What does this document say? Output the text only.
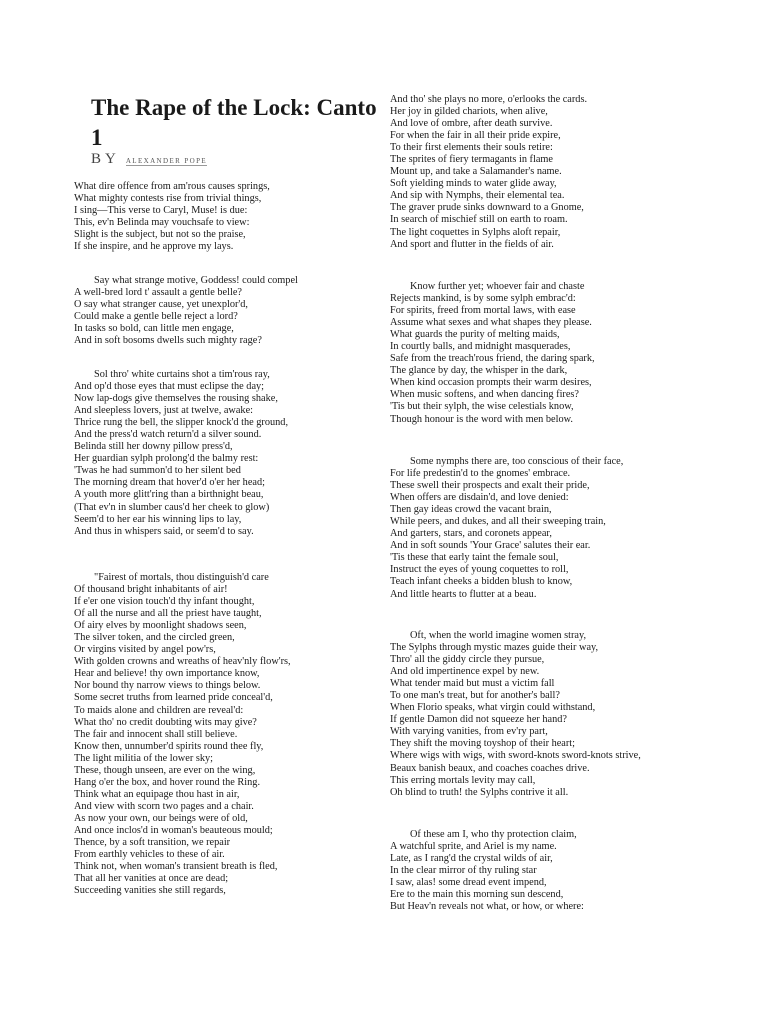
The Rape of the Lock: Canto 1
BY ALEXANDER POPE
What dire offence from am'rous causes springs,
What mighty contests rise from trivial things,
I sing—This verse to Caryl, Muse! is due:
This, ev'n Belinda may vouchsafe to view:
Slight is the subject, but not so the praise,
If she inspire, and he approve my lays.
Say what strange motive, Goddess! could compel
A well-bred lord t' assault a gentle belle?
O say what stranger cause, yet unexplor'd,
Could make a gentle belle reject a lord?
In tasks so bold, can little men engage,
And in soft bosoms dwells such mighty rage?
Sol thro' white curtains shot a tim'rous ray,
And op'd those eyes that must eclipse the day;
Now lap-dogs give themselves the rousing shake,
And sleepless lovers, just at twelve, awake:
Thrice rung the bell, the slipper knock'd the ground,
And the press'd watch return'd a silver sound.
Belinda still her downy pillow press'd,
Her guardian sylph prolong'd the balmy rest:
'Twas he had summon'd to her silent bed
The morning dream that hover'd o'er her head;
A youth more glitt'ring than a birthnight beau,
(That ev'n in slumber caus'd her cheek to glow)
Seem'd to her ear his winning lips to lay,
And thus in whispers said, or seem'd to say.
"Fairest of mortals, thou distinguish'd care
Of thousand bright inhabitants of air!
If e'er one vision touch'd thy infant thought,
Of all the nurse and all the priest have taught,
Of airy elves by moonlight shadows seen,
The silver token, and the circled green,
Or virgins visited by angel pow'rs,
With golden crowns and wreaths of heav'nly flow'rs,
Hear and believe! thy own importance know,
Nor bound thy narrow views to things below.
Some secret truths from learned pride conceal'd,
To maids alone and children are reveal'd:
What tho' no credit doubting wits may give?
The fair and innocent shall still believe.
Know then, unnumber'd spirits round thee fly,
The light militia of the lower sky;
These, though unseen, are ever on the wing,
Hang o'er the box, and hover round the Ring.
Think what an equipage thou hast in air,
And view with scorn two pages and a chair.
As now your own, our beings were of old,
And once inclos'd in woman's beauteous mould;
Thence, by a soft transition, we repair
From earthly vehicles to these of air.
Think not, when woman's transient breath is fled,
That all her vanities at once are dead;
Succeeding vanities she still regards,
And tho' she plays no more, o'erlooks the cards.
Her joy in gilded chariots, when alive,
And love of ombre, after death survive.
For when the fair in all their pride expire,
To their first elements their souls retire:
The sprites of fiery termagants in flame
Mount up, and take a Salamander's name.
Soft yielding minds to water glide away,
And sip with Nymphs, their elemental tea.
The graver prude sinks downward to a Gnome,
In search of mischief still on earth to roam.
The light coquettes in Sylphs aloft repair,
And sport and flutter in the fields of air.
Know further yet; whoever fair and chaste
Rejects mankind, is by some sylph embrac'd:
For spirits, freed from mortal laws, with ease
Assume what sexes and what shapes they please.
What guards the purity of melting maids,
In courtly balls, and midnight masquerades,
Safe from the treach'rous friend, the daring spark,
The glance by day, the whisper in the dark,
When kind occasion prompts their warm desires,
When music softens, and when dancing fires?
'Tis but their sylph, the wise celestials know,
Though honour is the word with men below.
Some nymphs there are, too conscious of their face,
For life predestin'd to the gnomes' embrace.
These swell their prospects and exalt their pride,
When offers are disdain'd, and love denied:
Then gay ideas crowd the vacant brain,
While peers, and dukes, and all their sweeping train,
And garters, stars, and coronets appear,
And in soft sounds 'Your Grace' salutes their ear.
'Tis these that early taint the female soul,
Instruct the eyes of young coquettes to roll,
Teach infant cheeks a bidden blush to know,
And little hearts to flutter at a beau.
Oft, when the world imagine women stray,
The Sylphs through mystic mazes guide their way,
Thro' all the giddy circle they pursue,
And old impertinence expel by new.
What tender maid but must a victim fall
To one man's treat, but for another's ball?
When Florio speaks, what virgin could withstand,
If gentle Damon did not squeeze her hand?
With varying vanities, from ev'ry part,
They shift the moving toyshop of their heart;
Where wigs with wigs, with sword-knots sword-knots strive,
Beaux banish beaux, and coaches coaches drive.
This erring mortals levity may call,
Oh blind to truth! the Sylphs contrive it all.
Of these am I, who thy protection claim,
A watchful sprite, and Ariel is my name.
Late, as I rang'd the crystal wilds of air,
In the clear mirror of thy ruling star
I saw, alas! some dread event impend,
Ere to the main this morning sun descend,
But Heav'n reveals not what, or how, or where:
